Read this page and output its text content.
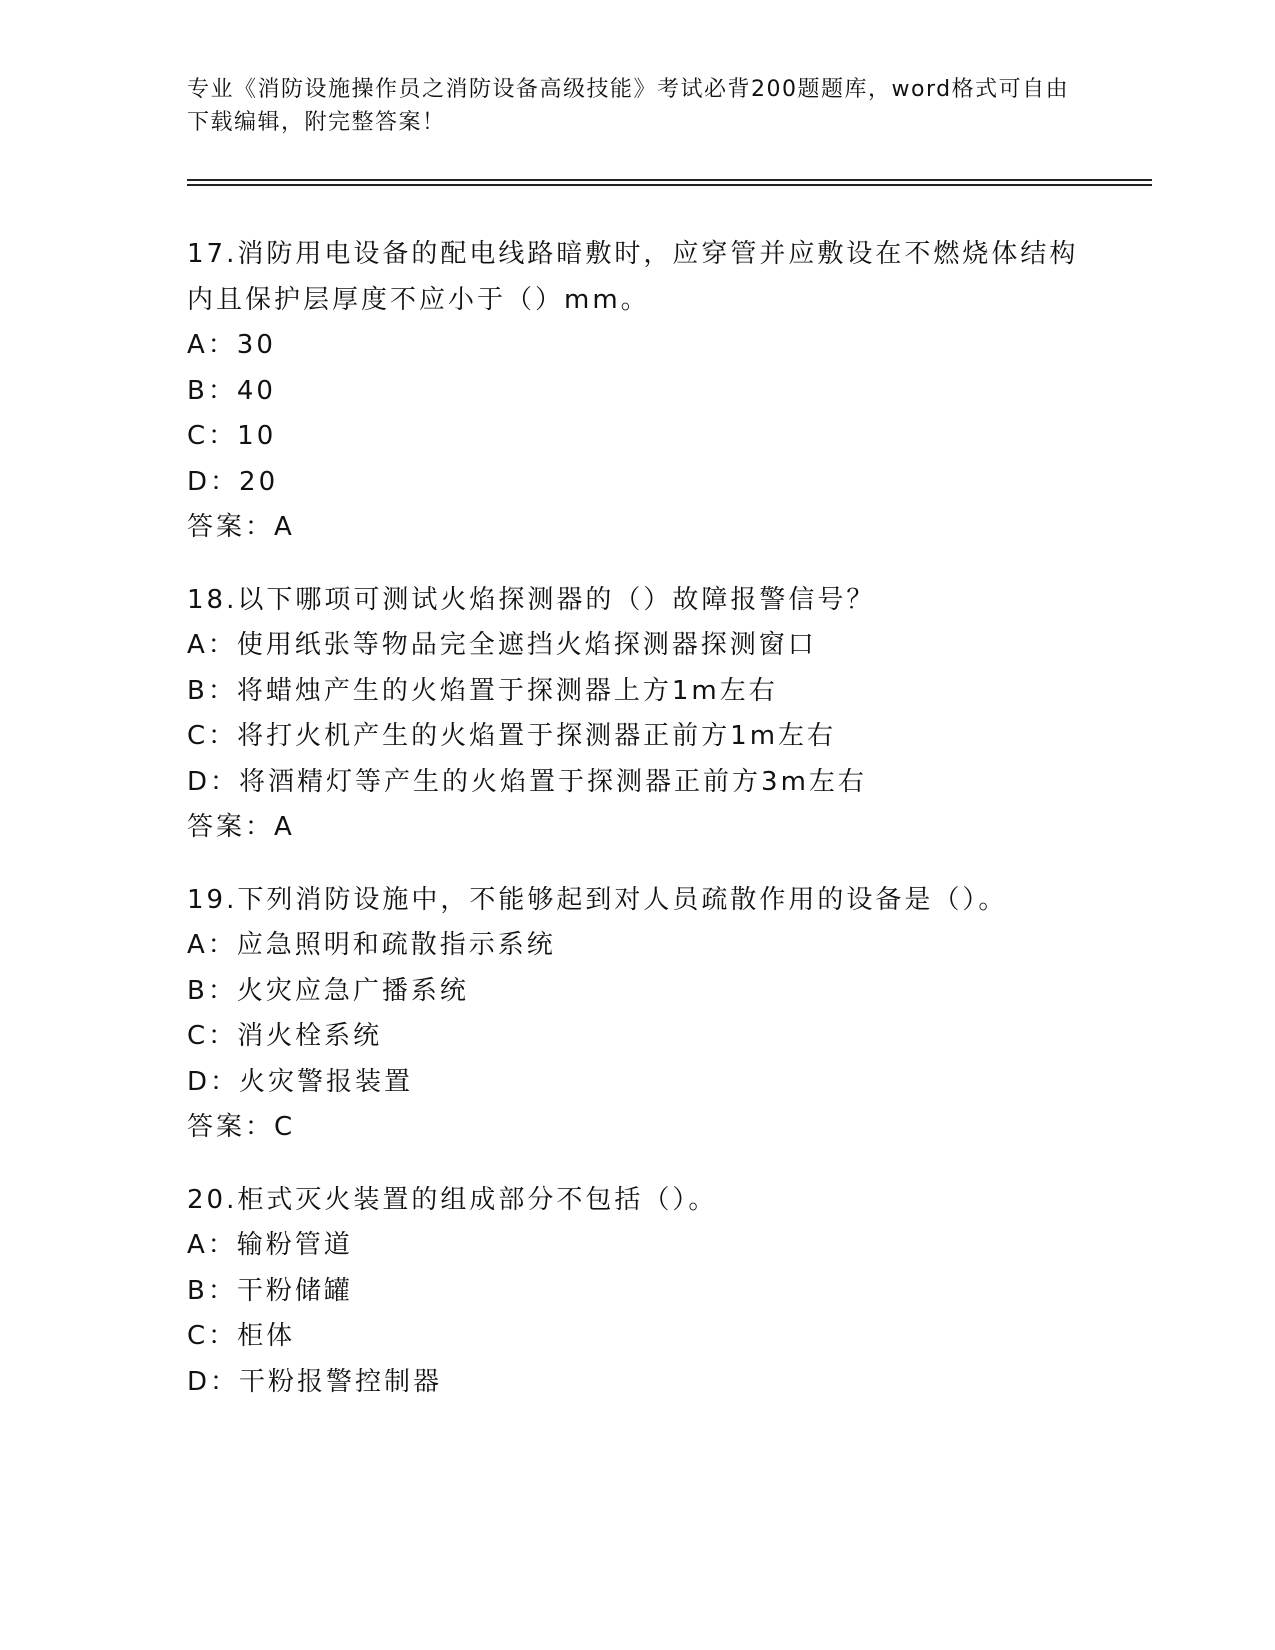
专业《消防设施操作员之消防设备高级技能》考试必背200题题库，word格式可自由下载编辑，附完整答案！
17.消防用电设备的配电线路暗敷时，应穿管并应敷设在不燃烧体结构内且保护层厚度不应小于（）mm。
A：30
B：40
C：10
D：20
答案：A
18.以下哪项可测试火焰探测器的（）故障报警信号？
A：使用纸张等物品完全遮挡火焰探测器探测窗口
B：将蜡烛产生的火焰置于探测器上方1m左右
C：将打火机产生的火焰置于探测器正前方1m左右
D：将酒精灯等产生的火焰置于探测器正前方3m左右
答案：A
19.下列消防设施中，不能够起到对人员疏散作用的设备是（）。
A：应急照明和疏散指示系统
B：火灾应急广播系统
C：消火栓系统
D：火灾警报装置
答案：C
20.柜式灭火装置的组成部分不包括（）。
A：输粉管道
B：干粉储罐
C：柜体
D：干粉报警控制器
